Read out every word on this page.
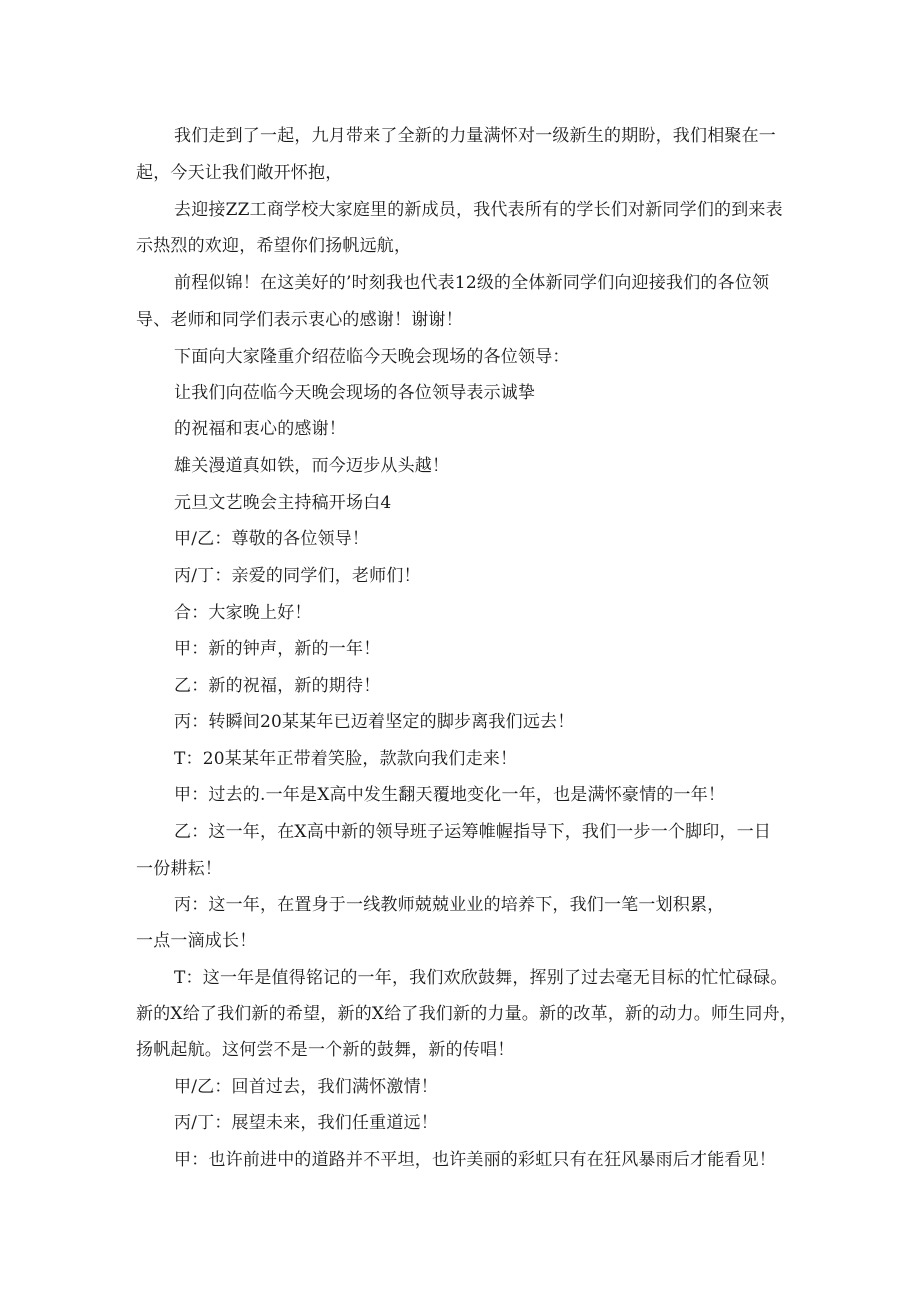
我们走到了一起，九月带来了全新的力量满怀对一级新生的期盼，我们相聚在一
起，今天让我们敞开怀抱，
去迎接ZZ工商学校大家庭里的新成员，我代表所有的学长们对新同学们的到来表
示热烈的欢迎，希望你们扬帆远航，
前程似锦！在这美好的’时刻我也代表12级的全体新同学们向迎接我们的各位领
导、老师和同学们表示衷心的感谢！谢谢！
下面向大家隆重介绍莅临今天晚会现场的各位领导：
让我们向莅临今天晚会现场的各位领导表示诚挚
的祝福和衷心的感谢！
雄关漫道真如铁，而今迈步从头越！
元旦文艺晚会主持稿开场白4
甲/乙：尊敬的各位领导！
丙/丁：亲爱的同学们，老师们！
合：大家晚上好！
甲：新的钟声，新的一年！
乙：新的祝福，新的期待！
丙：转瞬间20某某年已迈着坚定的脚步离我们远去！
T：20某某年正带着笑脸，款款向我们走来！
甲：过去的.一年是X高中发生翻天覆地变化一年，也是满怀豪情的一年！
乙：这一年，在X高中新的领导班子运筹帷幄指导下，我们一步一个脚印，一日
一份耕耘！
丙：这一年，在置身于一线教师兢兢业业的培养下，我们一笔一划积累，
一点一滴成长！
T：这一年是值得铭记的一年，我们欢欣鼓舞，挥别了过去毫无目标的忙忙碌碌。
新的X给了我们新的希望，新的X给了我们新的力量。新的改革，新的动力。师生同舟，
扬帆起航。这何尝不是一个新的鼓舞，新的传唱！
甲/乙：回首过去，我们满怀激情！
丙/丁：展望未来，我们任重道远！
甲：也许前进中的道路并不平坦，也许美丽的彩虹只有在狂风暴雨后才能看见！
